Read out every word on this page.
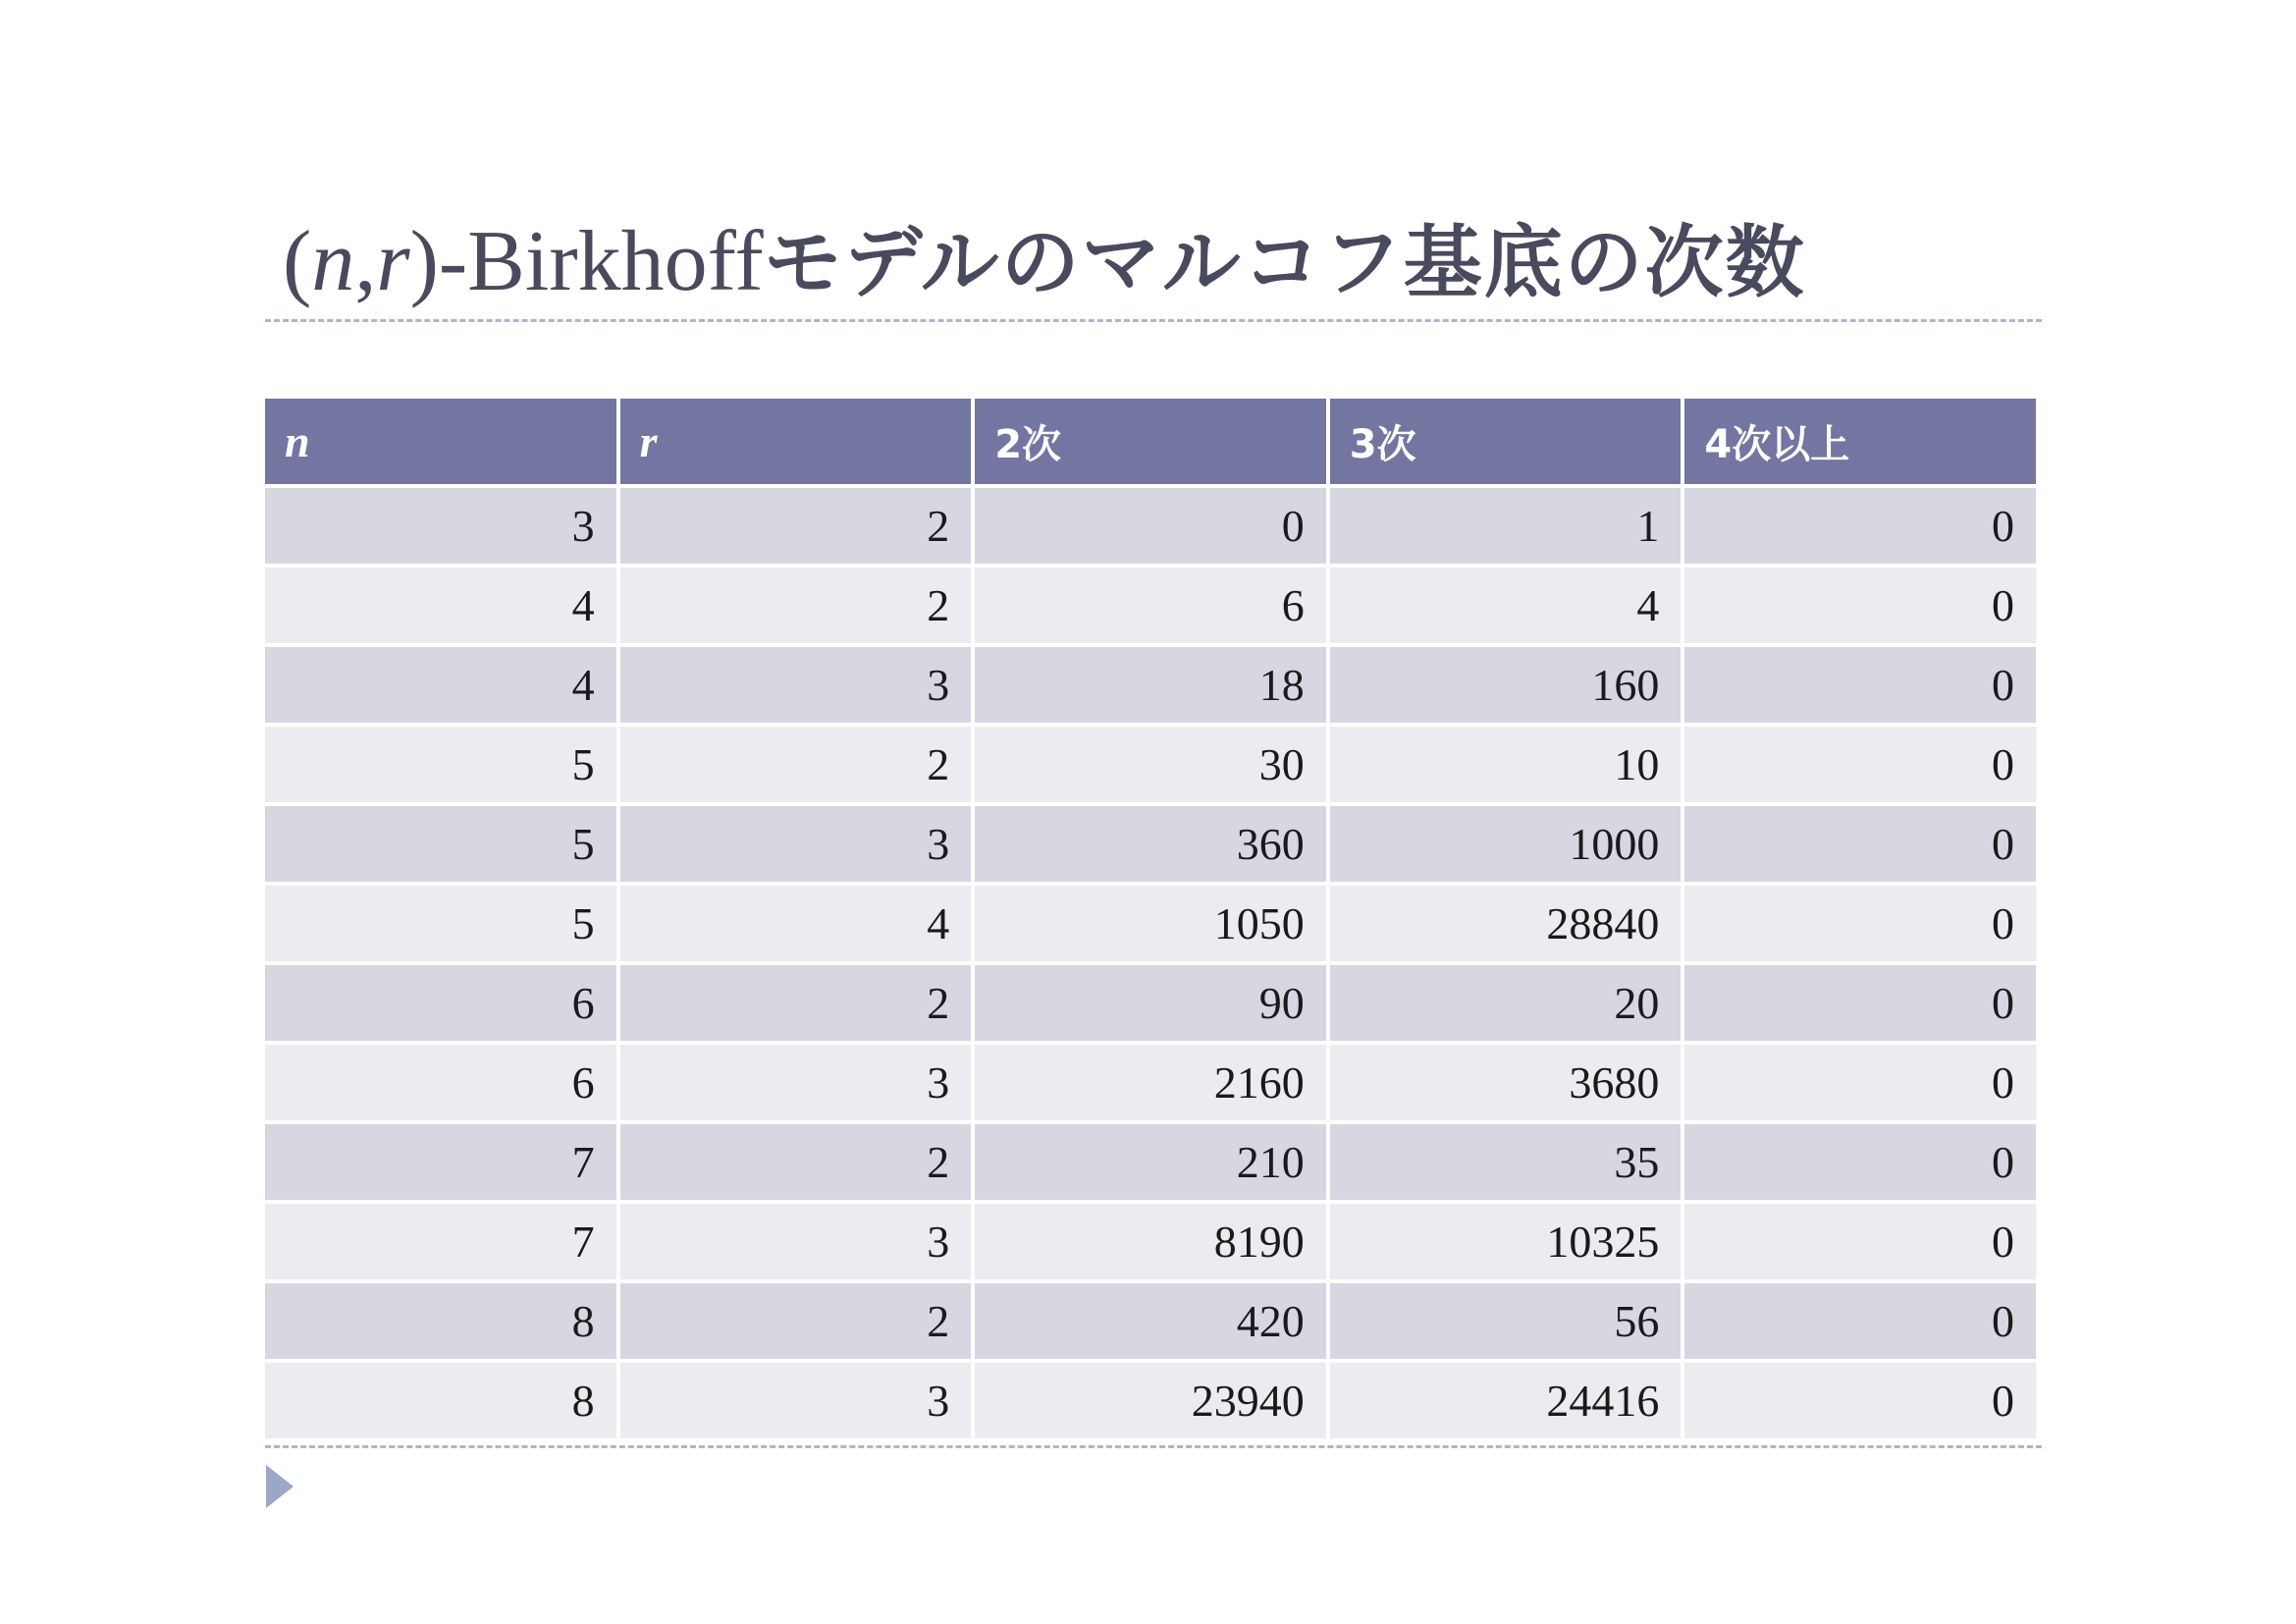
(n,r)-Birkhoffモデルのマルコフ基底の次数
n	r	2次	3次	4次以上
3	2	0	1	0
4	2	6	4	0
4	3	18	160	0
5	2	30	10	0
5	3	360	1000	0
5	4	1050	28840	0
6	2	90	20	0
6	3	2160	3680	0
7	2	210	35	0
7	3	8190	10325	0
8	2	420	56	0
8	3	23940	24416	0
